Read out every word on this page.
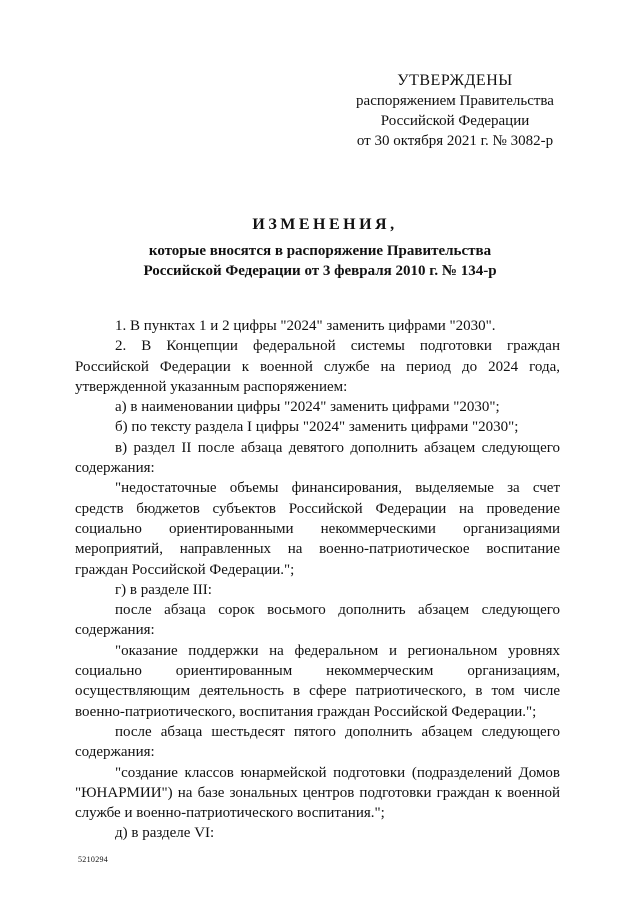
УТВЕРЖДЕНЫ
распоряжением Правительства
Российской Федерации
от 30 октября 2021 г. № 3082-р
ИЗМЕНЕНИЯ,
которые вносятся в распоряжение Правительства
Российской Федерации от 3 февраля 2010 г. № 134-р

1. В пунктах 1 и 2 цифры "2024" заменить цифрами "2030".

2. В Концепции федеральной системы подготовки граждан Российской Федерации к военной службе на период до 2024 года, утвержденной указанным распоряжением:

а) в наименовании цифры "2024" заменить цифрами "2030";

б) по тексту раздела I цифры "2024" заменить цифрами "2030";

в) раздел II после абзаца девятого дополнить абзацем следующего содержания:

"недостаточные объемы финансирования, выделяемые за счет средств бюджетов субъектов Российской Федерации на проведение социально ориентированными некоммерческими организациями мероприятий, направленных на военно-патриотическое воспитание граждан Российской Федерации.";

г) в разделе III:

после абзаца сорок восьмого дополнить абзацем следующего содержания:

"оказание поддержки на федеральном и региональном уровнях социально ориентированным некоммерческим организациям, осуществляющим деятельность в сфере патриотического, в том числе военно-патриотического, воспитания граждан Российской Федерации.";

после абзаца шестьдесят пятого дополнить абзацем следующего содержания:

"создание классов юнармейской подготовки (подразделений Домов "ЮНАРМИИ") на базе зональных центров подготовки граждан к военной службе и военно-патриотического воспитания.";

д) в разделе VI:

5210294
